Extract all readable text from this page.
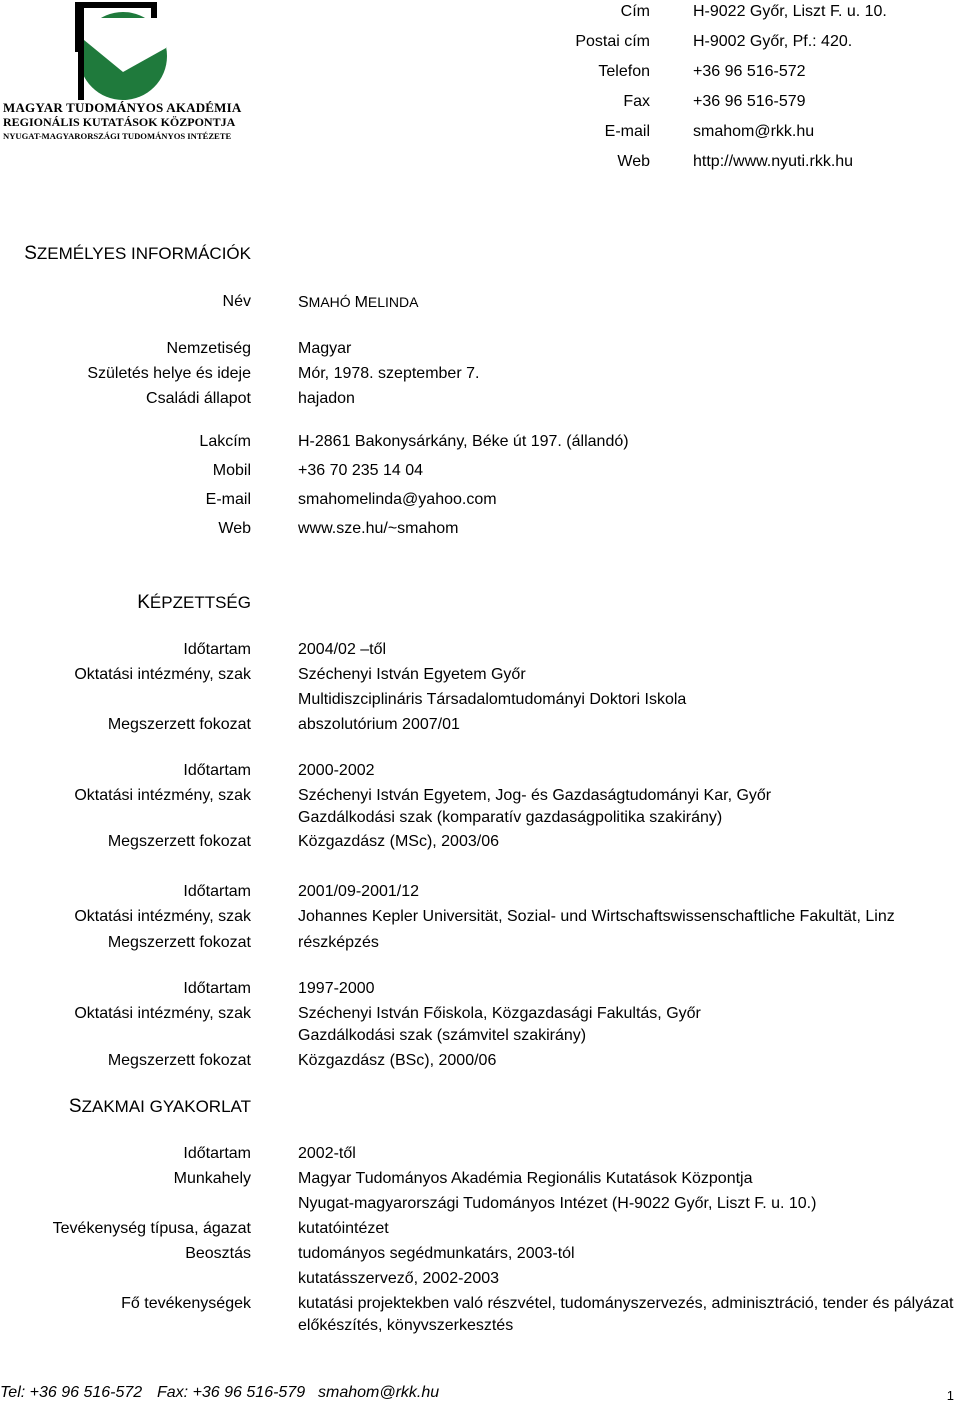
MAGYAR TUDOMÁNYOS AKADÉMIA
REGIONÁLIS KUTATÁSOK KÖZPONTJA
NYUGAT-MAGYARORSZÁGI TUDOMÁNYOS INTÉZETE
Cím	H-9022 Győr, Liszt F. u. 10.
Postai cím	H-9002 Győr, Pf.: 420.
Telefon	+36 96 516-572
Fax	+36 96 516-579
E-mail	smahom@rkk.hu
Web	http://www.nyuti.rkk.hu
SZEMÉLYES INFORMÁCIÓK
Név	SMAHÓ MELINDA
Nemzetiség	Magyar
Születés helye és ideje	Mór, 1978. szeptember 7.
Családi állapot	hajadon
Lakcím	H-2861 Bakonysárkány, Béke út 197. (állandó)
Mobil	+36 70 235 14 04
E-mail	smahomelinda@yahoo.com
Web	www.sze.hu/~smahom
KÉPZETTSÉG
Időtartam	2004/02 –től
Oktatási intézmény, szak	Széchenyi István Egyetem Győr
Multidiszciplináris Társadalomtudományi Doktori Iskola
Megszerzett fokozat	abszolutórium 2007/01
Időtartam	2000-2002
Oktatási intézmény, szak	Széchenyi István Egyetem, Jog- és Gazdaságtudományi Kar, Győr
Gazdálkodási szak (komparatív gazdaságpolitika szakirány)
Megszerzett fokozat	Közgazdász (MSc), 2003/06
Időtartam	2001/09-2001/12
Oktatási intézmény, szak	Johannes Kepler Universität, Sozial- und Wirtschaftswissenschaftliche Fakultät, Linz
Megszerzett fokozat	részképzés
Időtartam	1997-2000
Oktatási intézmény, szak	Széchenyi István Főiskola, Közgazdasági Fakultás, Győr
Gazdálkodási szak (számvitel szakirány)
Megszerzett fokozat	Közgazdász (BSc), 2000/06
SZAKMAI GYAKORLAT
Időtartam	2002-től
Munkahely	Magyar Tudományos Akadémia Regionális Kutatások Központja
Nyugat-magyarországi Tudományos Intézet (H-9022 Győr, Liszt F. u. 10.)
Tevékenység típusa, ágazat	kutatóintézet
Beosztás	tudományos segédmunkatárs, 2003-tól
kutatásszervező, 2002-2003
Fő tevékenységek	kutatási projektekben való részvétel, tudományszervezés, adminisztráció, tender és pályázat
előkészítés, könyvszerkesztés
Tel: +36 96 516-572 Fax: +36 96 516-579 smahom@rkk.hu	1
